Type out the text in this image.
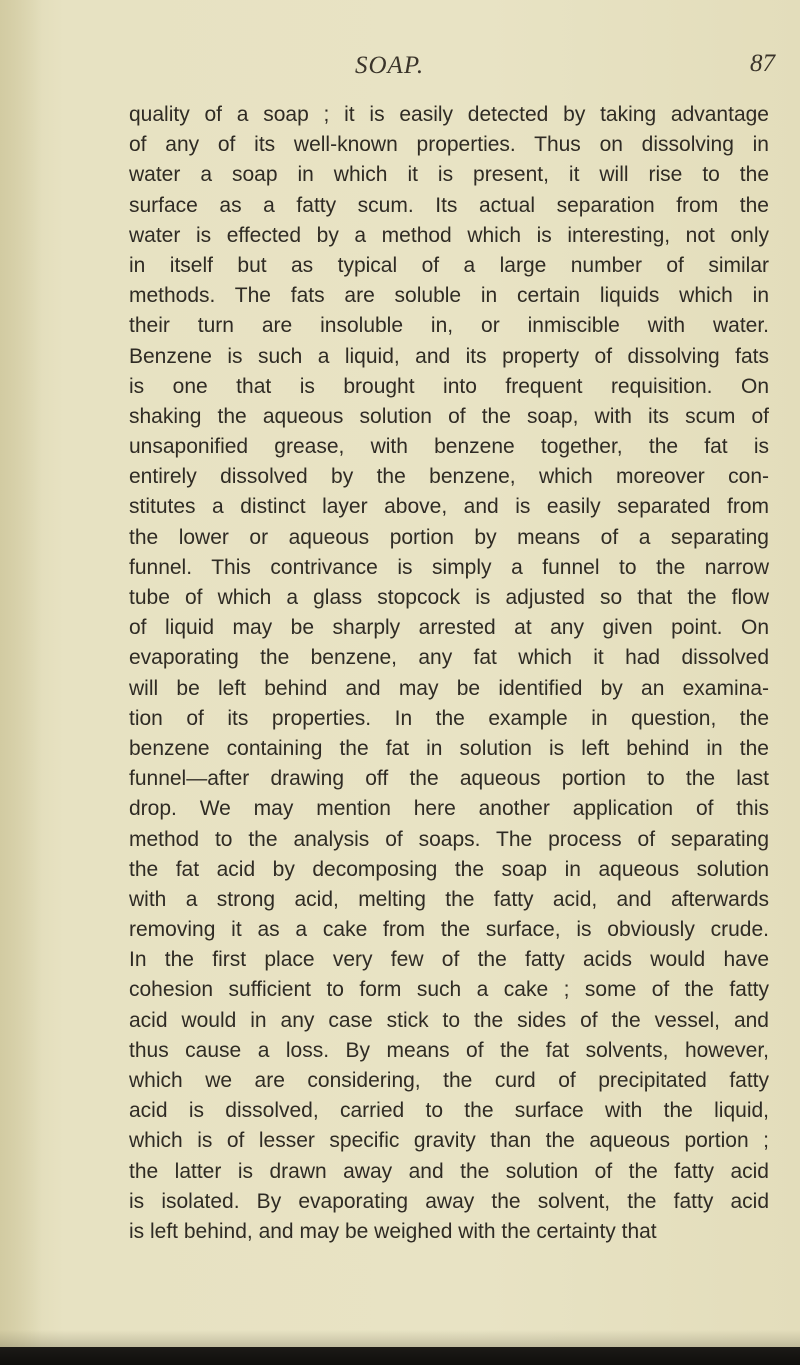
SOAP.	87
quality of a soap ; it is easily detected by taking advantage
of any of its well-known properties. Thus on dissolving in
water a soap in which it is present, it will rise to the
surface as a fatty scum. Its actual separation from the
water is effected by a method which is interesting, not only
in itself but as typical of a large number of similar
methods. The fats are soluble in certain liquids which in
their turn are insoluble in, or inmiscible with water.
Benzene is such a liquid, and its property of dissolving fats
is one that is brought into frequent requisition. On
shaking the aqueous solution of the soap, with its scum of
unsaponified grease, with benzene together, the fat is
entirely dissolved by the benzene, which moreover con-
stitutes a distinct layer above, and is easily separated from
the lower or aqueous portion by means of a separating
funnel. This contrivance is simply a funnel to the narrow
tube of which a glass stopcock is adjusted so that the flow
of liquid may be sharply arrested at any given point. On
evaporating the benzene, any fat which it had dissolved
will be left behind and may be identified by an examina-
tion of its properties. In the example in question, the
benzene containing the fat in solution is left behind in the
funnel—after drawing off the aqueous portion to the last
drop. We may mention here another application of this
method to the analysis of soaps. The process of separating
the fat acid by decomposing the soap in aqueous solution
with a strong acid, melting the fatty acid, and afterwards
removing it as a cake from the surface, is obviously crude.
In the first place very few of the fatty acids would have
cohesion sufficient to form such a cake ; some of the fatty
acid would in any case stick to the sides of the vessel, and
thus cause a loss. By means of the fat solvents, however,
which we are considering, the curd of precipitated fatty
acid is dissolved, carried to the surface with the liquid,
which is of lesser specific gravity than the aqueous portion ;
the latter is drawn away and the solution of the fatty acid
is isolated. By evaporating away the solvent, the fatty acid
is left behind, and may be weighed with the certainty that
